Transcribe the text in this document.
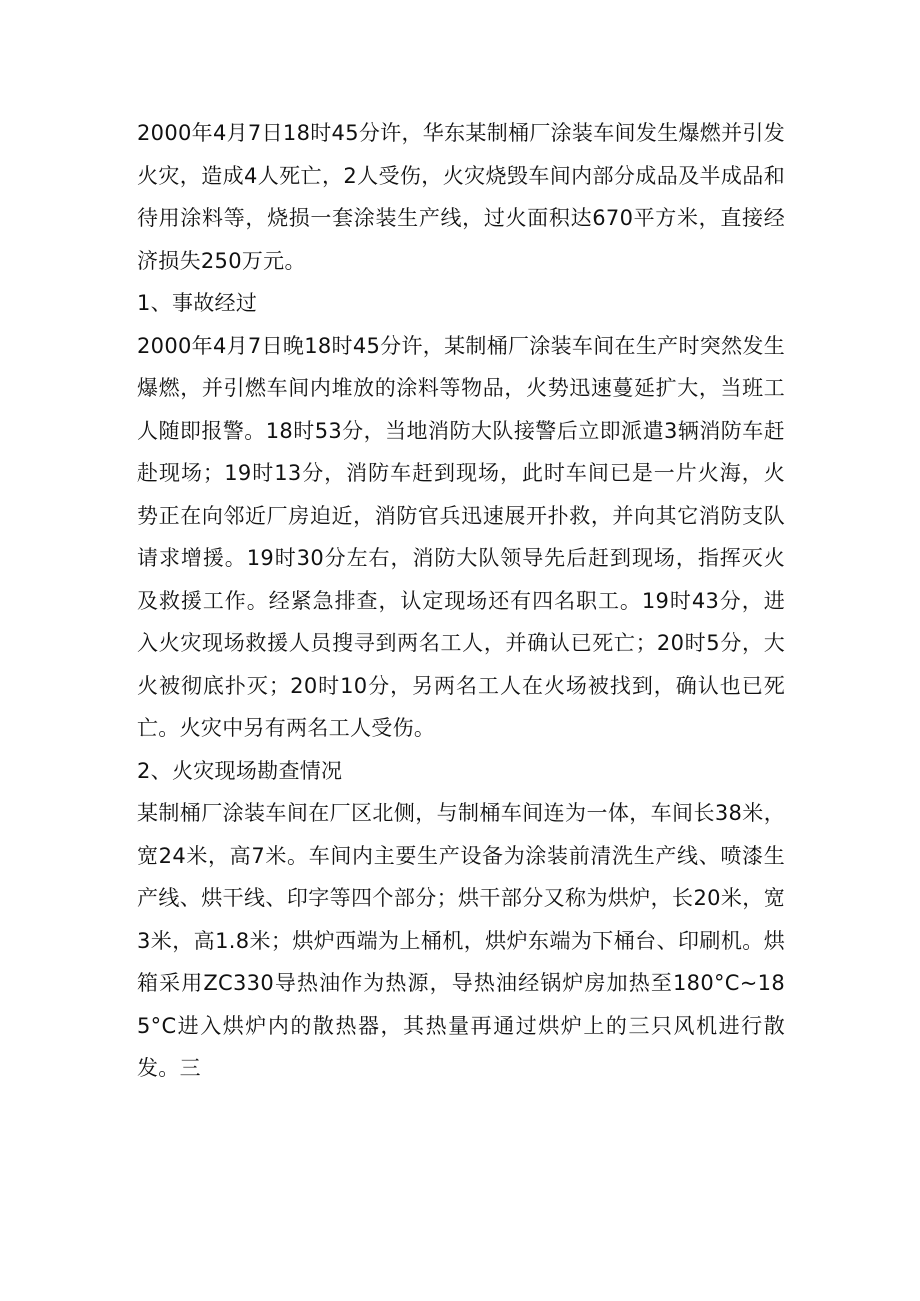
2000年4月7日18时45分许，华东某制桶厂涂装车间发生爆燃并引发火灾，造成4人死亡，2人受伤，火灾烧毁车间内部分成品及半成品和待用涂料等，烧损一套涂装生产线，过火面积达670平方米，直接经济损失250万元。

1、事故经过

2000年4月7日晚18时45分许，某制桶厂涂装车间在生产时突然发生爆燃，并引燃车间内堆放的涂料等物品，火势迅速蔓延扩大，当班工人随即报警。18时53分，当地消防大队接警后立即派遣3辆消防车赶赴现场；19时13分，消防车赶到现场，此时车间已是一片火海，火势正在向邻近厂房迫近，消防官兵迅速展开扑救，并向其它消防支队请求增援。19时30分左右，消防大队领导先后赶到现场，指挥灭火及救援工作。经紧急排查，认定现场还有四名职工。19时43分，进入火灾现场救援人员搜寻到两名工人，并确认已死亡；20时5分，大火被彻底扑灭；20时10分，另两名工人在火场被找到，确认也已死亡。火灾中另有两名工人受伤。

2、火灾现场勘查情况

某制桶厂涂装车间在厂区北侧，与制桶车间连为一体，车间长38米，宽24米，高7米。车间内主要生产设备为涂装前清洗生产线、喷漆生产线、烘干线、印字等四个部分；烘干部分又称为烘炉，长20米，宽3米，高1.8米；烘炉西端为上桶机，烘炉东端为下桶台、印刷机。烘箱采用ZC330导热油作为热源，导热油经锅炉房加热至180°C~185°C进入烘炉内的散热器，其热量再通过烘炉上的三只风机进行散发。三
